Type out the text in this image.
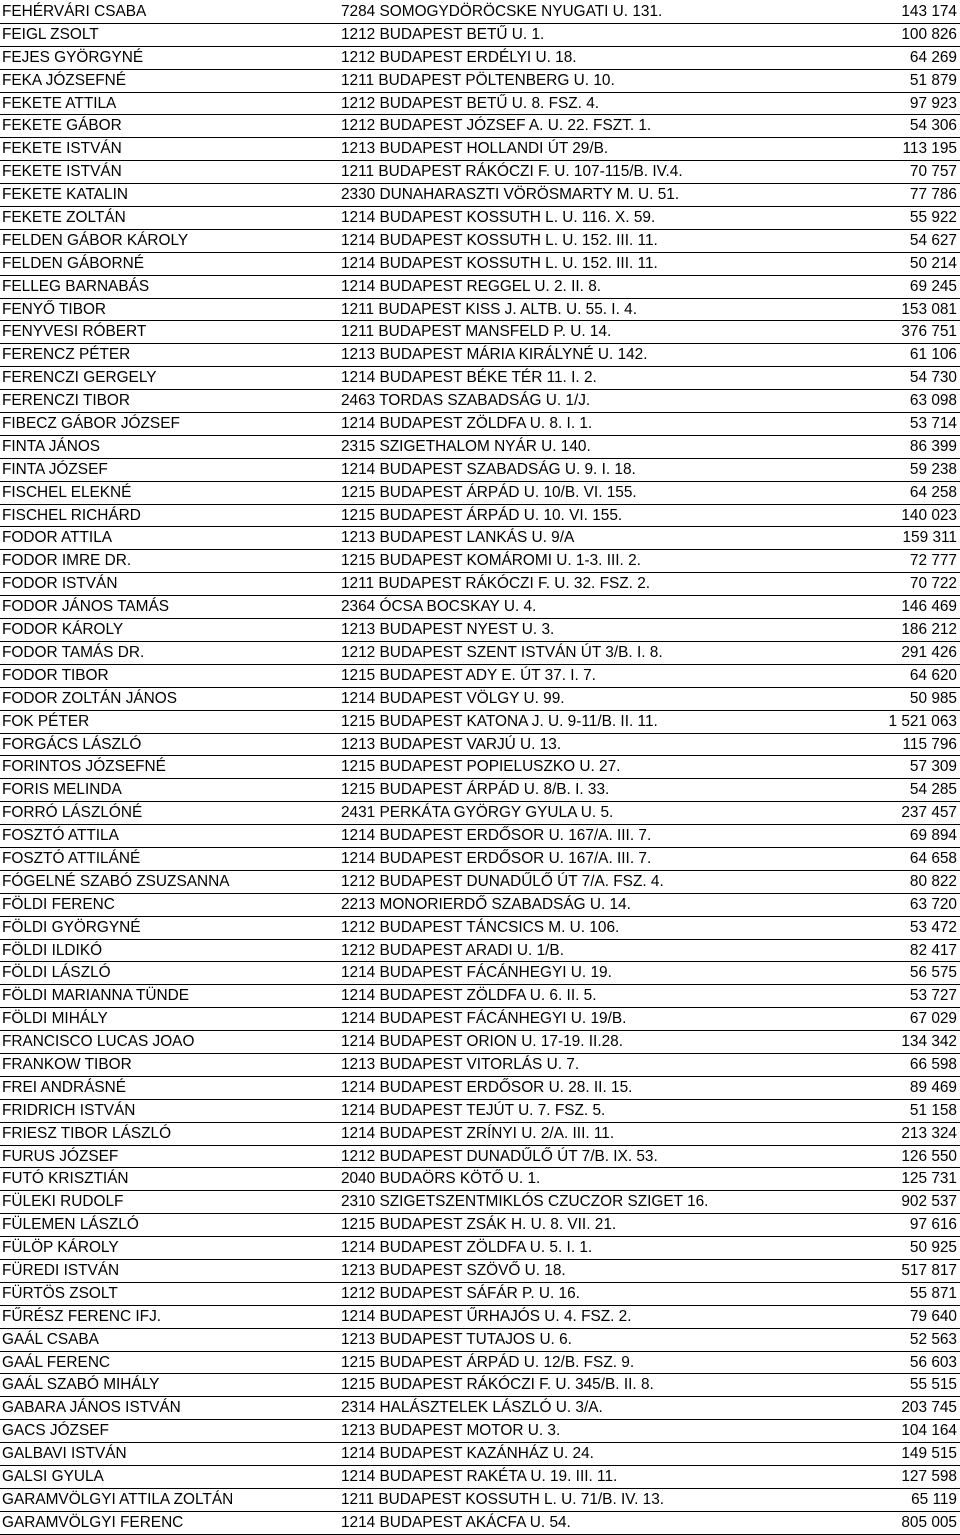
FEHÉRVÁRI CSABA	7284 SOMOGYDÖRÖCSKE NYUGATI U. 131.	143 174
FEIGL ZSOLT	1212 BUDAPEST BETŰ U. 1.	100 826
FEJES GYÖRGYNÉ	1212 BUDAPEST ERDÉLYI U. 18.	64 269
FEKA JÓZSEFNÉ	1211 BUDAPEST PÖLTENBERG U. 10.	51 879
FEKETE ATTILA	1212 BUDAPEST BETŰ U. 8. FSZ. 4.	97 923
FEKETE GÁBOR	1212 BUDAPEST JÓZSEF A. U. 22. FSZT. 1.	54 306
FEKETE ISTVÁN	1213 BUDAPEST HOLLANDI ÚT 29/B.	113 195
FEKETE ISTVÁN	1211 BUDAPEST RÁKÓCZI F. U. 107-115/B. IV.4.	70 757
FEKETE KATALIN	2330 DUNAHARASZTI VÖRÖSMARTY M. U. 51.	77 786
FEKETE ZOLTÁN	1214 BUDAPEST KOSSUTH L. U. 116. X. 59.	55 922
FELDEN GÁBOR KÁROLY	1214 BUDAPEST KOSSUTH L. U. 152. III. 11.	54 627
FELDEN GÁBORNÉ	1214 BUDAPEST KOSSUTH L. U. 152. III. 11.	50 214
FELLEG BARNABÁS	1214 BUDAPEST REGGEL U. 2. II. 8.	69 245
FENYŐ TIBOR	1211 BUDAPEST KISS J. ALTB. U. 55. I. 4.	153 081
FENYVESI RÓBERT	1211 BUDAPEST MANSFELD P. U. 14.	376 751
FERENCZ PÉTER	1213 BUDAPEST MÁRIA KIRÁLYNÉ U. 142.	61 106
FERENCZI GERGELY	1214 BUDAPEST BÉKE TÉR 11. I. 2.	54 730
FERENCZI TIBOR	2463 TORDAS SZABADSÁG U. 1/J.	63 098
FIBECZ GÁBOR JÓZSEF	1214 BUDAPEST ZÖLDFA U. 8. I. 1.	53 714
FINTA JÁNOS	2315 SZIGETHALOM NYÁR U. 140.	86 399
FINTA JÓZSEF	1214 BUDAPEST SZABADSÁG U. 9. I. 18.	59 238
FISCHEL ELEKNÉ	1215 BUDAPEST ÁRPÁD U. 10/B. VI. 155.	64 258
FISCHEL RICHÁRD	1215 BUDAPEST ÁRPÁD U. 10. VI. 155.	140 023
FODOR ATTILA	1213 BUDAPEST LANKÁS U. 9/A	159 311
FODOR IMRE DR.	1215 BUDAPEST KOMÁROMI U. 1-3. III. 2.	72 777
FODOR ISTVÁN	1211 BUDAPEST RÁKÓCZI F. U. 32. FSZ. 2.	70 722
FODOR JÁNOS TAMÁS	2364 ÓCSA BOCSKAY U. 4.	146 469
FODOR KÁROLY	1213 BUDAPEST NYEST U. 3.	186 212
FODOR TAMÁS DR.	1212 BUDAPEST SZENT ISTVÁN ÚT 3/B. I. 8.	291 426
FODOR TIBOR	1215 BUDAPEST ADY E. ÚT 37. I. 7.	64 620
FODOR ZOLTÁN JÁNOS	1214 BUDAPEST VÖLGY U. 99.	50 985
FOK PÉTER	1215 BUDAPEST KATONA J. U. 9-11/B. II. 11.	1 521 063
FORGÁCS LÁSZLÓ	1213 BUDAPEST VARJÚ U. 13.	115 796
FORINTOS JÓZSEFNÉ	1215 BUDAPEST POPIELUSZKO U. 27.	57 309
FORIS MELINDA	1215 BUDAPEST ÁRPÁD U. 8/B. I. 33.	54 285
FORRÓ LÁSZLÓNÉ	2431 PERKÁTA GYÖRGY GYULA U. 5.	237 457
FOSZTÓ ATTILA	1214 BUDAPEST ERDŐSOR U. 167/A. III. 7.	69 894
FOSZTÓ ATTILÁNÉ	1214 BUDAPEST ERDŐSOR U. 167/A. III. 7.	64 658
FÓGELNÉ SZABÓ ZSUZSANNA	1212 BUDAPEST DUNADŰLŐ ÚT 7/A. FSZ. 4.	80 822
FÖLDI FERENC	2213 MONORIERDŐ SZABADSÁG U. 14.	63 720
FÖLDI GYÖRGYNÉ	1212 BUDAPEST TÁNCSICS M. U. 106.	53 472
FÖLDI ILDIKÓ	1212 BUDAPEST ARADI U. 1/B.	82 417
FÖLDI LÁSZLÓ	1214 BUDAPEST FÁCÁNHEGYI U. 19.	56 575
FÖLDI MARIANNA TÜNDE	1214 BUDAPEST ZÖLDFA U. 6. II. 5.	53 727
FÖLDI MIHÁLY	1214 BUDAPEST FÁCÁNHEGYI U. 19/B.	67 029
FRANCISCO LUCAS JOAO	1214 BUDAPEST ORION U. 17-19. II.28.	134 342
FRANKOW TIBOR	1213 BUDAPEST VITORLÁS U. 7.	66 598
FREI ANDRÁSNÉ	1214 BUDAPEST ERDŐSOR U. 28. II. 15.	89 469
FRIDRICH ISTVÁN	1214 BUDAPEST TEJÚT U. 7. FSZ. 5.	51 158
FRIESZ TIBOR LÁSZLÓ	1214 BUDAPEST ZRÍNYI U. 2/A. III. 11.	213 324
FURUS JÓZSEF	1212 BUDAPEST DUNADŰLŐ ÚT 7/B. IX. 53.	126 550
FUTÓ KRISZTIÁN	2040 BUDAÖRS KÖTŐ U. 1.	125 731
FÜLEKI RUDOLF	2310 SZIGETSZENTMIKLÓS CZUCZOR SZIGET 16.	902 537
FÜLEMEN LÁSZLÓ	1215 BUDAPEST ZSÁK H. U. 8. VII. 21.	97 616
FÜLÖP KÁROLY	1214 BUDAPEST ZÖLDFA U. 5. I. 1.	50 925
FÜREDI ISTVÁN	1213 BUDAPEST SZÖVŐ U. 18.	517 817
FÜRTÖS ZSOLT	1212 BUDAPEST SÁFÁR P. U. 16.	55 871
FŰRÉSZ FERENC IFJ.	1214 BUDAPEST ŰRHAJÓS U. 4. FSZ. 2.	79 640
GAÁL CSABA	1213 BUDAPEST TUTAJOS U. 6.	52 563
GAÁL FERENC	1215 BUDAPEST ÁRPÁD U. 12/B. FSZ. 9.	56 603
GAÁL SZABÓ MIHÁLY	1215 BUDAPEST RÁKÓCZI F. U. 345/B. II. 8.	55 515
GABARA JÁNOS ISTVÁN	2314 HALÁSZTELEK LÁSZLÓ U. 3/A.	203 745
GACS JÓZSEF	1213 BUDAPEST MOTOR U. 3.	104 164
GALBAVI ISTVÁN	1214 BUDAPEST KAZÁNHÁZ U. 24.	149 515
GALSI GYULA	1214 BUDAPEST RAKÉTA U. 19. III. 11.	127 598
GARAMVÖLGYI ATTILA ZOLTÁN	1211 BUDAPEST KOSSUTH L. U. 71/B. IV. 13.	65 119
GARAMVÖLGYI FERENC	1214 BUDAPEST AKÁCFA U. 54.	805 005
